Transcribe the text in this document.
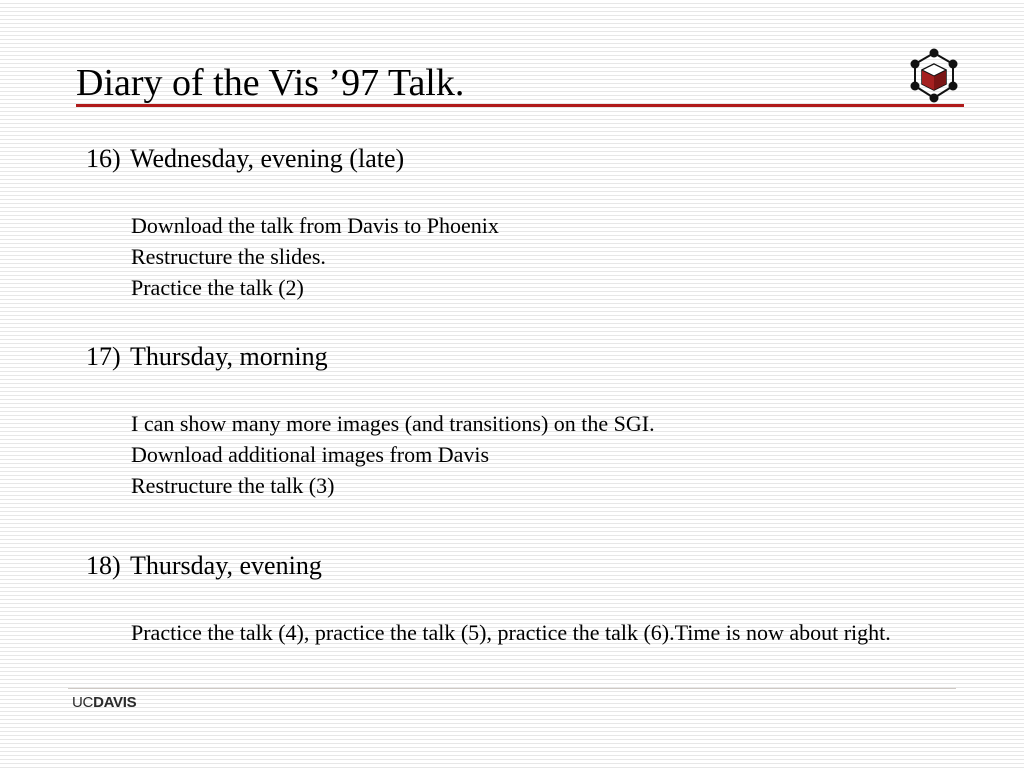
Diary of the Vis ’97 Talk.
16) Wednesday, evening (late)
Download the talk from Davis to Phoenix
Restructure the slides.
Practice the talk (2)
17) Thursday, morning
I can show many more images (and transitions) on the SGI.
Download additional images from Davis
Restructure the talk (3)
18) Thursday, evening
Practice the talk (4), practice the talk (5), practice the talk (6).Time is now about right.
UCDAVIS
